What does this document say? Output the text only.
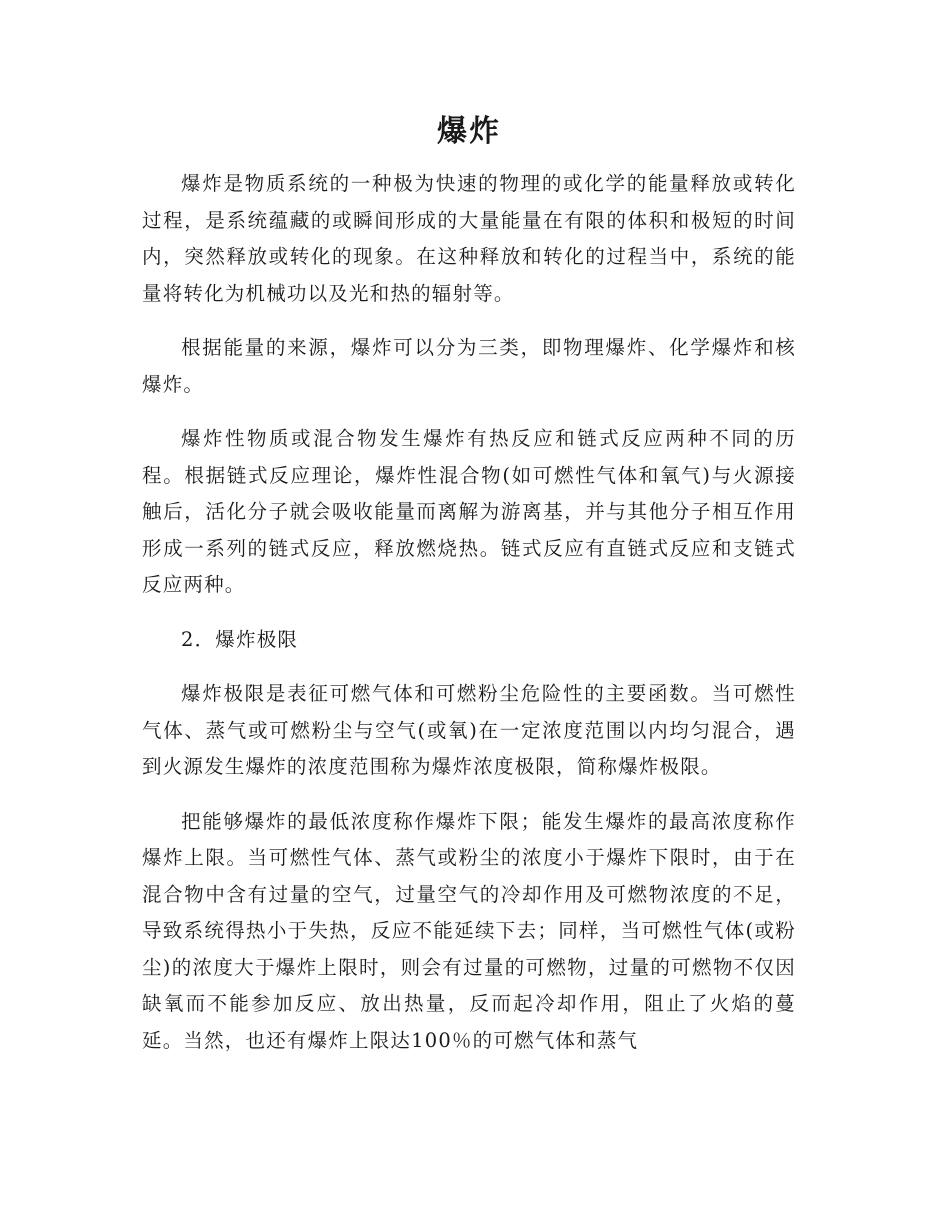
爆炸

爆炸是物质系统的一种极为快速的物理的或化学的能量释放或转化过程，是系统蕴藏的或瞬间形成的大量能量在有限的体积和极短的时间内，突然释放或转化的现象。在这种释放和转化的过程当中，系统的能量将转化为机械功以及光和热的辐射等。

根据能量的来源，爆炸可以分为三类，即物理爆炸、化学爆炸和核爆炸。

爆炸性物质或混合物发生爆炸有热反应和链式反应两种不同的历程。根据链式反应理论，爆炸性混合物(如可燃性气体和氧气)与火源接触后，活化分子就会吸收能量而离解为游离基，并与其他分子相互作用形成一系列的链式反应，释放燃烧热。链式反应有直链式反应和支链式反应两种。

2．爆炸极限

爆炸极限是表征可燃气体和可燃粉尘危险性的主要函数。当可燃性气体、蒸气或可燃粉尘与空气(或氧)在一定浓度范围以内均匀混合，遇到火源发生爆炸的浓度范围称为爆炸浓度极限，简称爆炸极限。

把能够爆炸的最低浓度称作爆炸下限；能发生爆炸的最高浓度称作爆炸上限。当可燃性气体、蒸气或粉尘的浓度小于爆炸下限时，由于在混合物中含有过量的空气，过量空气的冷却作用及可燃物浓度的不足，导致系统得热小于失热，反应不能延续下去；同样，当可燃性气体(或粉尘)的浓度大于爆炸上限时，则会有过量的可燃物，过量的可燃物不仅因缺氧而不能参加反应、放出热量，反而起冷却作用，阻止了火焰的蔓延。当然，也还有爆炸上限达100％的可燃气体和蒸气
